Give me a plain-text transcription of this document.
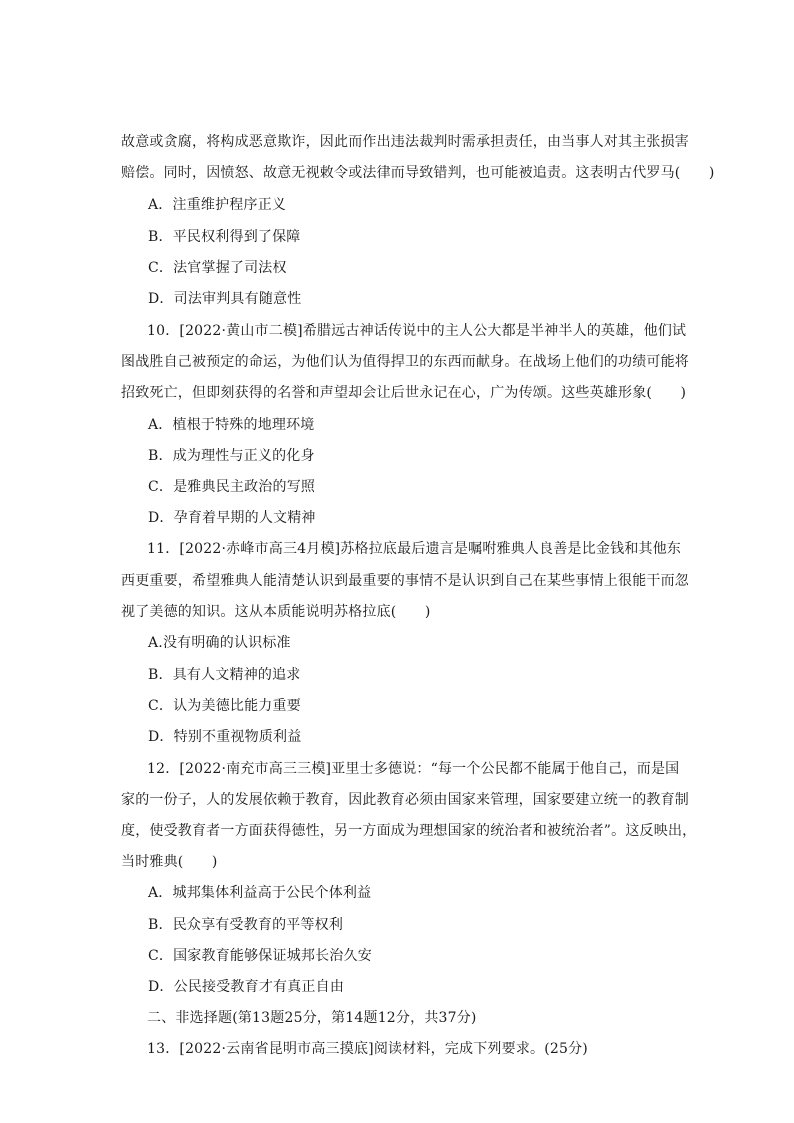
故意或贪腐，将构成恶意欺诈，因此而作出违法裁判时需承担责任，由当事人对其主张损害
赔偿。同时，因愤怒、故意无视敕令或法律而导致错判，也可能被追责。这表明古代罗马(　　)
A．注重维护程序正义
B．平民权利得到了保障
C．法官掌握了司法权
D．司法审判具有随意性
10．[2022·黄山市二模]希腊远古神话传说中的主人公大都是半神半人的英雄，他们试
图战胜自己被预定的命运，为他们认为值得捍卫的东西而献身。在战场上他们的功绩可能将
招致死亡，但即刻获得的名誉和声望却会让后世永记在心，广为传颂。这些英雄形象(　　)
A．植根于特殊的地理环境
B．成为理性与正义的化身
C．是雅典民主政治的写照
D．孕育着早期的人文精神
11．[2022·赤峰市高三4月模]苏格拉底最后遗言是嘱咐雅典人良善是比金钱和其他东
西更重要，希望雅典人能清楚认识到最重要的事情不是认识到自己在某些事情上很能干而忽
视了美德的知识。这从本质能说明苏格拉底(　　)
A.没有明确的认识标准
B．具有人文精神的追求
C．认为美德比能力重要
D．特别不重视物质利益
12．[2022·南充市高三三模]亚里士多德说：“每一个公民都不能属于他自己，而是国
家的一份子，人的发展依赖于教育，因此教育必须由国家来管理，国家要建立统一的教育制
度，使受教育者一方面获得德性，另一方面成为理想国家的统治者和被统治者”。这反映出，
当时雅典(　　)
A．城邦集体利益高于公民个体利益
B．民众享有受教育的平等权利
C．国家教育能够保证城邦长治久安
D．公民接受教育才有真正自由
二、非选择题(第13题25分，第14题12分，共37分)
13．[2022·云南省昆明市高三摸底]阅读材料，完成下列要求。(25分)
